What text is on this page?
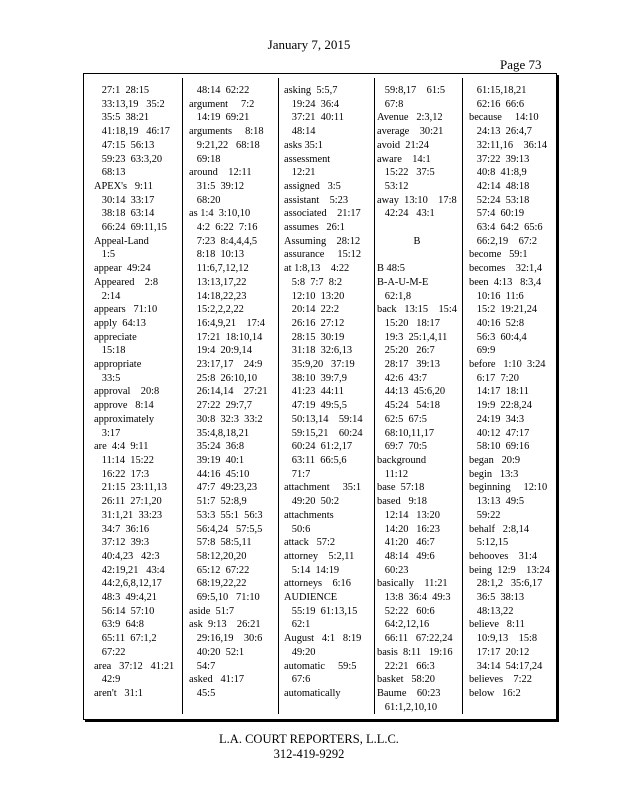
January 7, 2015
Page 73
27:1  28:15
33:13,19   35:2
35:5  38:21
41:18,19   46:17
47:15  56:13
59:23  63:3,20
68:13
APEX's   9:11
30:14  33:17
38:18  63:14
66:24  69:11,15
Appeal-Land
1:5
appear  49:24
Appeared    2:8
2:14
appears   71:10
apply  64:13
appreciate
15:18
appropriate
33:5
approval    20:8
approve   8:14
approximately
3:17
are  4:4  9:11
11:14  15:22
16:22  17:3
21:15  23:11,13
26:11  27:1,20
31:1,21  33:23
34:7  36:16
37:12  39:3
40:4,23   42:3
42:19,21   43:4
44:2,6,8,12,17
48:3  49:4,21
56:14  57:10
63:9  64:8
65:11  67:1,2
67:22
area   37:12   41:21
42:9
aren't   31:1
48:14  62:22
argument     7:2
14:19  69:21
arguments     8:18
9:21,22   68:18
69:18
around    12:11
31:5  39:12
68:20
as 1:4  3:10,10
4:2  6:22  7:16
7:23  8:4,4,4,5
8:18  10:13
11:6,7,12,12
13:13,17,22
14:18,22,23
15:2,2,2,22
16:4,9,21    17:4
17:21  18:10,14
19:4  20:9,14
23:17,17    24:9
25:8  26:10,10
26:14,14    27:21
27:22  29:7,7
30:8  32:3  33:2
35:4,8,18,21
35:24  36:8
39:19  40:1
44:16  45:10
47:7  49:23,23
51:7  52:8,9
53:3  55:1  56:3
56:4,24   57:5,5
57:8  58:5,11
58:12,20,20
65:12  67:22
68:19,22,22
69:5,10   71:10
aside  51:7
ask  9:13    26:21
29:16,19    30:6
40:20  52:1
54:7
asked   41:17
45:5
asking  5:5,7
19:24  36:4
37:21  40:11
48:14
asks 35:1
assessment
12:21
assigned   3:5
assistant    5:23
associated    21:17
assumes   26:1
Assuming    28:12
assurance     15:12
at 1:8,13    4:22
5:8  7:7  8:2
12:10  13:20
20:14  22:2
26:16  27:12
28:15  30:19
31:18  32:6,13
35:9,20   37:19
38:10  39:7,9
41:23  44:11
47:19  49:5,5
50:13,14    59:14
59:15,21    60:24
60:24  61:2,17
63:11  66:5,6
71:7
attachment     35:1
49:20  50:2
attachments
50:6
attack   57:2
attorney    5:2,11
5:14  14:19
attorneys    6:16
AUDIENCE
55:19  61:13,15
62:1
August   4:1   8:19
49:20
automatic     59:5
67:6
automatically
59:8,17    61:5
67:8
Avenue   2:3,12
average    30:21
avoid  21:24
aware    14:1
15:22   37:5
53:12
away  13:10    17:8
42:24   43:1

B

B 48:5
B-A-U-M-E
62:1,8
back   13:15    15:4
15:20   18:17
19:3  25:1,4,11
25:20   26:7
28:17   39:13
42:6  43:7
44:13  45:6,20
45:24   54:18
62:5  67:5
68:10,11,17
69:7  70:5
background
11:12
base  57:18
based   9:18
12:14   13:20
14:20   16:23
41:20   46:7
48:14   49:6
60:23
basically    11:21
13:8  36:4  49:3
52:22   60:6
64:2,12,16
66:11   67:22,24
basis  8:11   19:16
22:21   66:3
basket   58:20
Baume    60:23
61:1,2,10,10
61:15,18,21
62:16  66:6
because     14:10
24:13  26:4,7
32:11,16    36:14
37:22  39:13
40:8  41:8,9
42:14  48:18
52:24  53:18
57:4  60:19
63:4  64:2  65:6
66:2,19    67:2
become   59:1
becomes    32:1,4
been  4:13   8:3,4
10:16  11:6
15:2  19:21,24
40:16  52:8
56:3  60:4,4
69:9
before   1:10  3:24
6:17  7:20
14:17  18:11
19:9  22:8,24
24:19  34:3
40:12  47:17
58:10  69:16
began   20:9
begin   13:3
beginning     12:10
13:13  49:5
59:22
behalf   2:8,14
5:12,15
behooves    31:4
being  12:9    13:24
28:1,2   35:6,17
36:5  38:13
48:13,22
believe   8:11
10:9,13    15:8
17:17  20:12
34:14  54:17,24
believes    7:22
below   16:2
L.A. COURT REPORTERS, L.L.C.
312-419-9292
